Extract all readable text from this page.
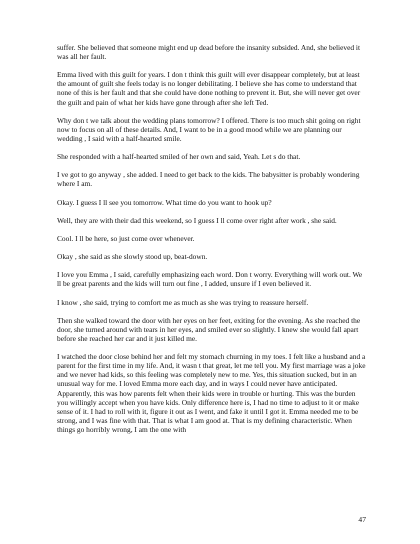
suffer. She believed that someone might end up dead before the insanity subsided. And, she believed it was all her fault.

Emma lived with this guilt for years. I don t think this guilt will ever disappear completely, but at least the amount of guilt she feels today is no longer debilitating. I believe she has come to understand that none of this is her fault and that she could have done nothing to prevent it. But, she will never get over the guilt and pain of what her kids have gone through after she left Ted.

Why don t we talk about the wedding plans tomorrow? I offered. There is too much shit going on right now to focus on all of these details. And, I want to be in a good mood while we are planning our wedding , I said with a half-hearted smile.

She responded with a half-hearted smiled of her own and said, Yeah. Let s do that.

I ve got to go anyway , she added. I need to get back to the kids. The babysitter is probably wondering where I am.

Okay. I guess I ll see you tomorrow. What time do you want to hook up?

Well, they are with their dad this weekend, so I guess I ll come over right after work , she said.

Cool. I ll be here, so just come over whenever.

Okay , she said as she slowly stood up, beat-down.

I love you Emma , I said, carefully emphasizing each word. Don t worry. Everything will work out. We ll be great parents and the kids will turn out fine , I added, unsure if I even believed it.

I know , she said, trying to comfort me as much as she was trying to reassure herself.

Then she walked toward the door with her eyes on her feet, exiting for the evening. As she reached the door, she turned around with tears in her eyes, and smiled ever so slightly. I knew she would fall apart before she reached her car and it just killed me.

I watched the door close behind her and felt my stomach churning in my toes. I felt like a husband and a parent for the first time in my life. And, it wasn t that great, let me tell you. My first marriage was a joke and we never had kids, so this feeling was completely new to me. Yes, this situation sucked, but in an unusual way for me. I loved Emma more each day, and in ways I could never have anticipated. Apparently, this was how parents felt when their kids were in trouble or hurting. This was the burden you willingly accept when you have kids. Only difference here is, I had no time to adjust to it or make sense of it. I had to roll with it, figure it out as I went, and fake it until I got it. Emma needed me to be strong, and I was fine with that. That is what I am good at. That is my defining characteristic. When things go horribly wrong, I am the one with

47
